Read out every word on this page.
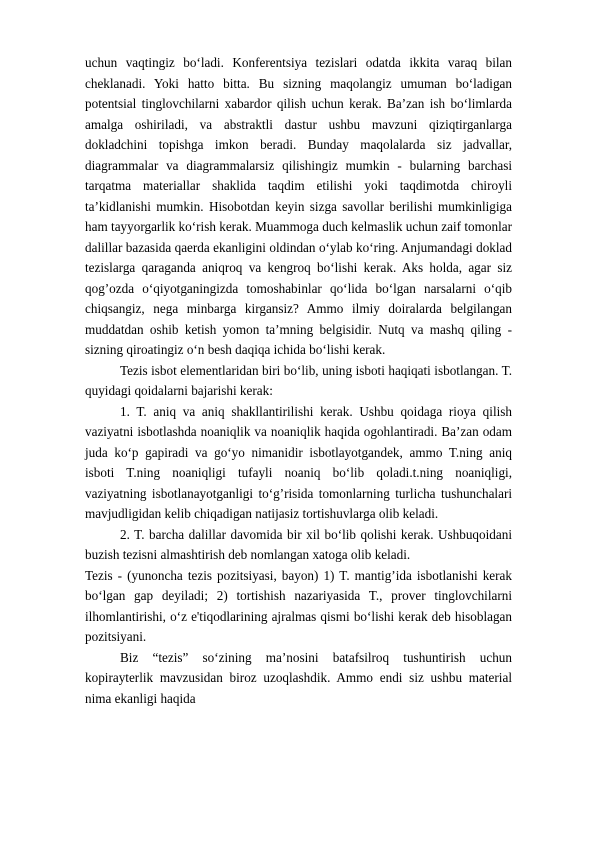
uchun vaqtingiz bo‘ladi. Konferentsiya tezislari odatda ikkita varaq bilan cheklanadi. Yoki hatto bitta. Bu sizning maqolangiz umuman bo‘ladigan potentsial tinglovchilarni xabardor qilish uchun kerak. Ba’zan ish bo‘limlarda amalga oshiriladi, va abstraktli dastur ushbu mavzuni qiziqtirganlarga dokladchini topishga imkon beradi. Bunday maqolalarda siz jadvallar, diagrammalar va diagrammalarsiz qilishingiz mumkin - bularning barchasi tarqatma materiallar shaklida taqdim etilishi yoki taqdimotda chiroyli ta’kidlanishi mumkin. Hisobotdan keyin sizga savollar berilishi mumkinligiga ham tayyorgarlik ko‘rish kerak. Muammoga duch kelmaslik uchun zaif tomonlar dalillar bazasida qaerda ekanligini oldindan o‘ylab ko‘ring. Anjumandagi doklad tezislarga qaraganda aniqroq va kengroq bo‘lishi kerak. Aks holda, agar siz qog’ozda o‘qiyotganingizda tomoshabinlar qo‘lida bo‘lgan narsalarni o‘qib chiqsangiz, nega minbarga kirgansiz? Ammo ilmiy doiralarda belgilangan muddatdan oshib ketish yomon ta’mning belgisidir. Nutq va mashq qiling - sizning qiroatingiz o‘n besh daqiqa ichida bo‘lishi kerak.

Tezis isbot elementlaridan biri bo‘lib, uning isboti haqiqati isbotlangan. T. quyidagi qoidalarni bajarishi kerak:

1. T. aniq va aniq shakllantirilishi kerak. Ushbu qoidaga rioya qilish vaziyatni isbotlashda noaniqlik va noaniqlik haqida ogohlantiradi. Ba’zan odam juda ko‘p gapiradi va go‘yo nimanidir isbotlayotgandek, ammo T.ning aniq isboti T.ning noaniqligi tufayli noaniq bo‘lib qoladi.t.ning noaniqligi, vaziyatning isbotlanayotganligi to‘g’risida tomonlarning turlicha tushunchalari mavjudligidan kelib chiqadigan natijasiz tortishuvlarga olib keladi.

2. T. barcha dalillar davomida bir xil bo‘lib qolishi kerak. Ushbuqoidani buzish tezisni almashtirish deb nomlangan xatoga olib keladi.

Tezis - (yunoncha tezis pozitsiyasi, bayon) 1) T. mantig’ida isbotlanishi kerak bo‘lgan gap deyiladi; 2) tortishish nazariyasida T., prover tinglovchilarni ilhomlantirishi, o‘z e'tiqodlarining ajralmas qismi bo‘lishi kerak deb hisoblagan pozitsiyani.

Biz “tezis” so‘zining ma’nosini batafsilroq tushuntirish uchun kopirayterlik mavzusidan biroz uzoqlashdik. Ammo endi siz ushbu material nima ekanligi haqida
